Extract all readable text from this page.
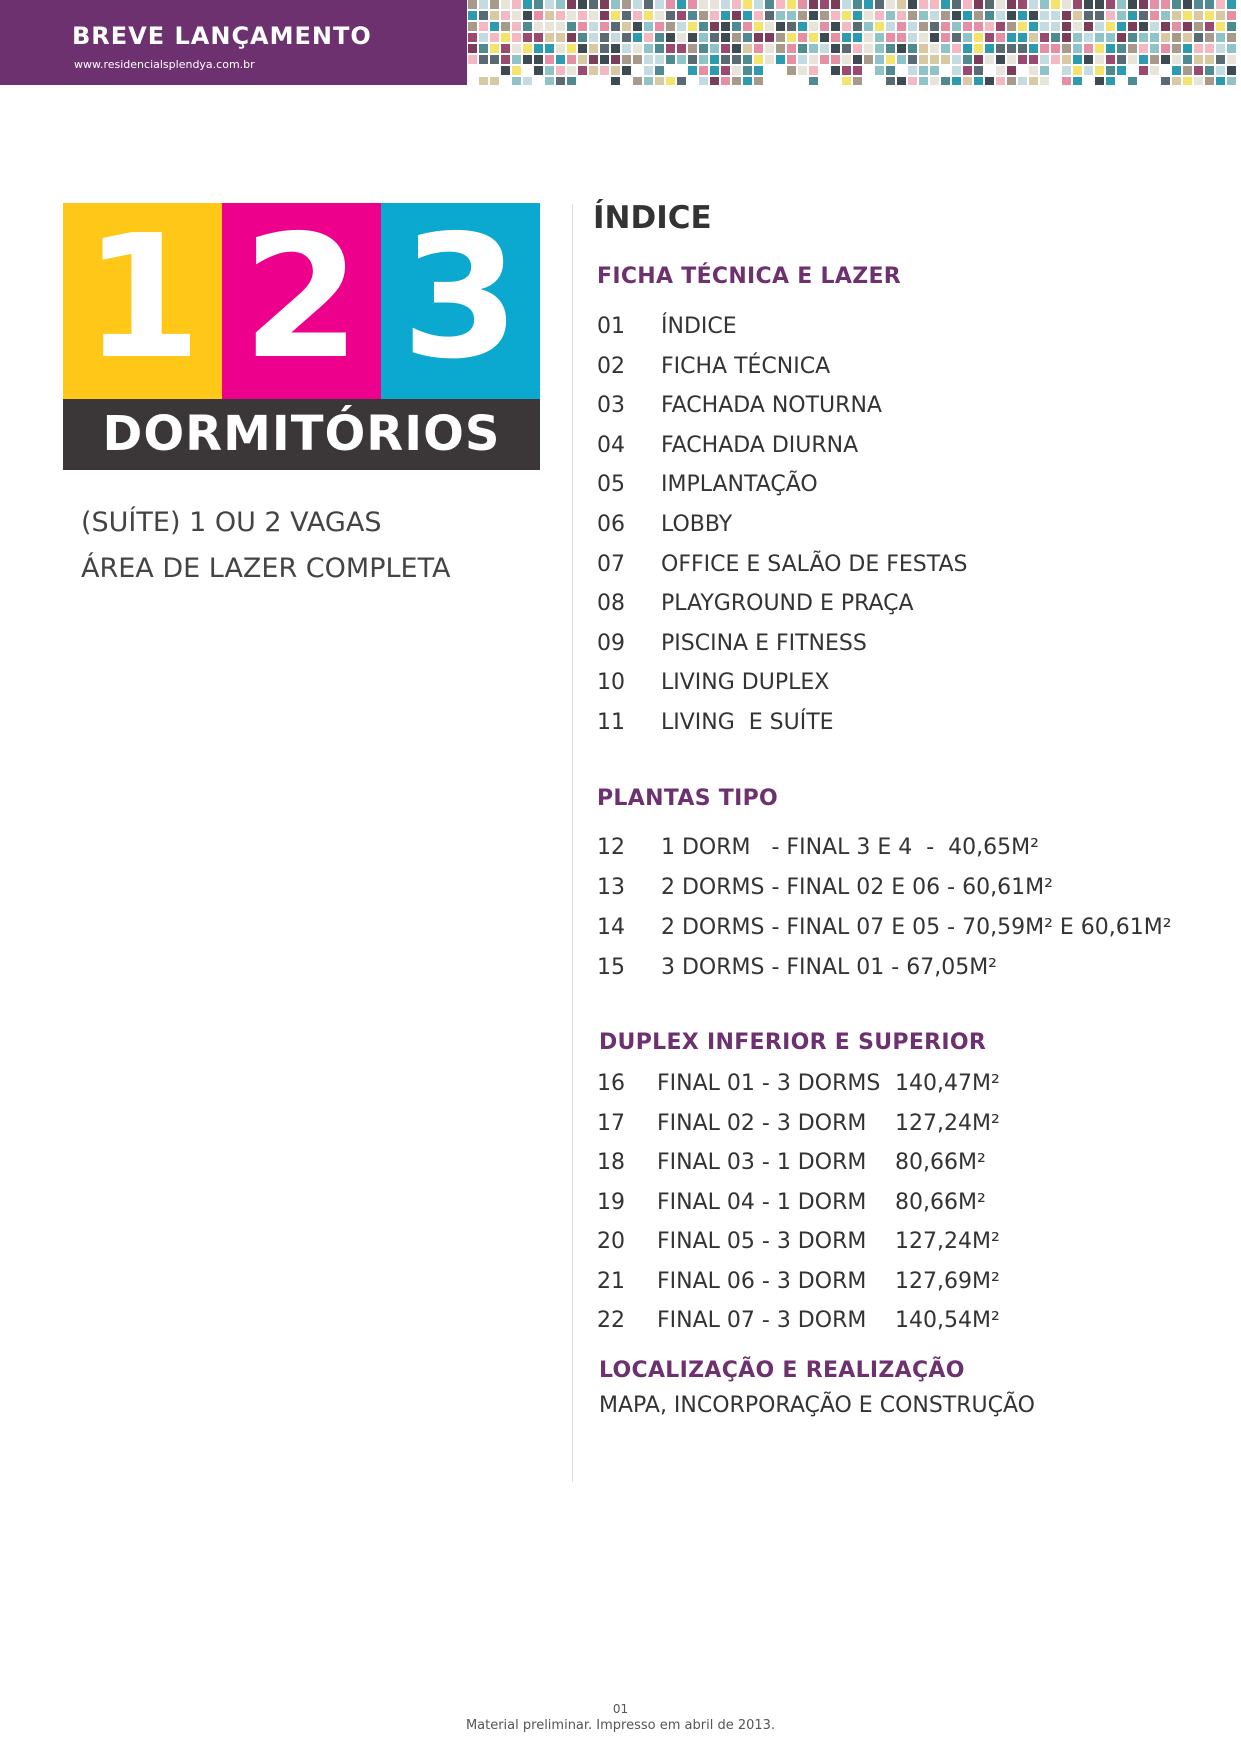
BREVE LANÇAMENTO
www.residencialsplendya.com.br
1 2 3
DORMITÓRIOS
(SUÍTE) 1 OU 2 VAGAS
ÁREA DE LAZER COMPLETA
ÍNDICE
FICHA TÉCNICA E LAZER
01 ÍNDICE
02 FICHA TÉCNICA
03 FACHADA NOTURNA
04 FACHADA DIURNA
05 IMPLANTAÇÃO
06 LOBBY
07 OFFICE E SALÃO DE FESTAS
08 PLAYGROUND E PRAÇA
09 PISCINA E FITNESS
10 LIVING DUPLEX
11 LIVING  E SUÍTE
PLANTAS TIPO
12 1 DORM   - FINAL 3 E 4  -  40,65M²
13 2 DORMS - FINAL 02 E 06 - 60,61M²
14 2 DORMS - FINAL 07 E 05 - 70,59M² E 60,61M²
15 3 DORMS - FINAL 01 - 67,05M²
DUPLEX INFERIOR E SUPERIOR
16 FINAL 01 - 3 DORMS 140,47M²
17 FINAL 02 - 3 DORM 127,24M²
18 FINAL 03 - 1 DORM 80,66M²
19 FINAL 04 - 1 DORM 80,66M²
20 FINAL 05 - 3 DORM 127,24M²
21 FINAL 06 - 3 DORM 127,69M²
22 FINAL 07 - 3 DORM 140,54M²
LOCALIZAÇÃO E REALIZAÇÃO
MAPA, INCORPORAÇÃO E CONSTRUÇÃO
01
Material preliminar. Impresso em abril de 2013.
